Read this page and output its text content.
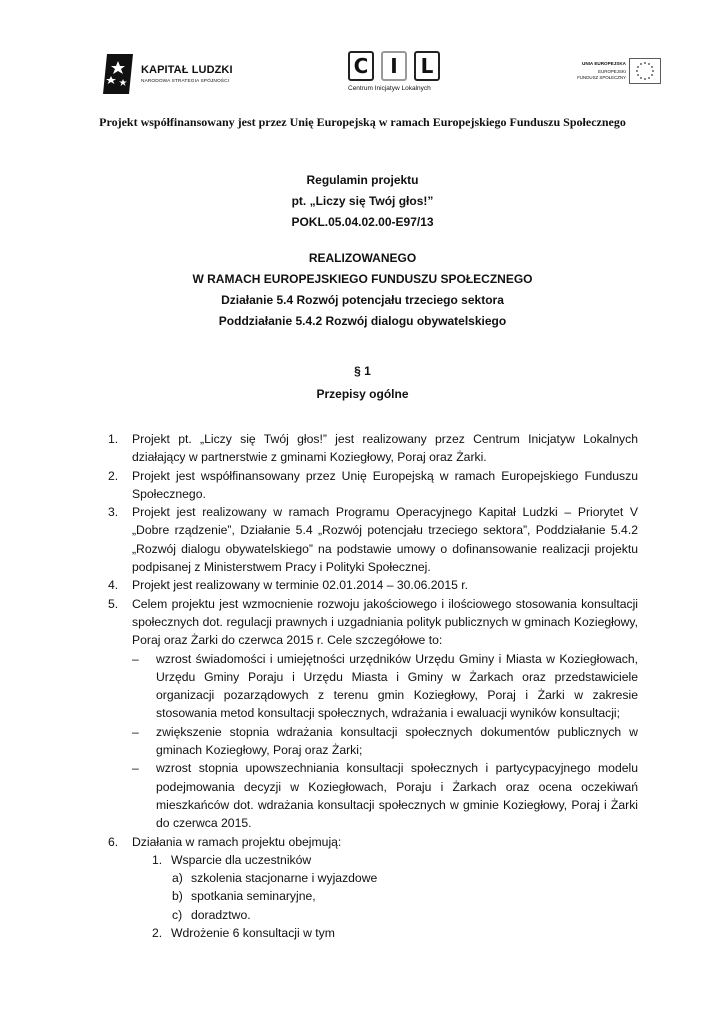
KAPITAŁ LUDZKI
NARODOWA STRATEGIA SPÓJNOŚCI
C	I	L
Centrum Inicjatyw Lokalnych
UNIA EUROPEJSKA
EUROPEJSKI
FUNDUSZ SPOŁECZNY
Projekt współfinansowany jest przez Unię Europejską w ramach Europejskiego Funduszu Społecznego
Regulamin projektu
pt. „Liczy się Twój głos!”
POKL.05.04.02.00-E97/13
REALIZOWANEGO
W RAMACH EUROPEJSKIEGO FUNDUSZU SPOŁECZNEGO
Działanie 5.4 Rozwój potencjału trzeciego sektora
Poddziałanie 5.4.2 Rozwój dialogu obywatelskiego
§ 1
Przepisy ogólne
1.	Projekt pt. „Liczy się Twój głos!” jest realizowany przez Centrum Inicjatyw Lokalnych działający w partnerstwie z gminami Koziegłowy, Poraj oraz Żarki.
2.	Projekt jest współfinansowany przez Unię Europejską w ramach Europejskiego Funduszu Społecznego.
3.	Projekt jest realizowany w ramach Programu Operacyjnego Kapitał Ludzki – Priorytet V „Dobre rządzenie”, Działanie 5.4 „Rozwój potencjału trzeciego sektora”, Poddziałanie 5.4.2 „Rozwój dialogu obywatelskiego” na podstawie umowy o dofinansowanie realizacji projektu podpisanej z Ministerstwem Pracy i Polityki Społecznej.
4.	Projekt jest realizowany w terminie 02.01.2014 – 30.06.2015 r.
5.	Celem projektu jest wzmocnienie rozwoju jakościowego i ilościowego stosowania konsultacji społecznych dot. regulacji prawnych i uzgadniania polityk publicznych w gminach Koziegłowy, Poraj oraz Żarki do czerwca 2015 r. Cele szczegółowe to:
–	wzrost świadomości i umiejętności urzędników Urzędu Gminy i Miasta w Koziegłowach, Urzędu Gminy Poraju i Urzędu Miasta i Gminy w Żarkach oraz przedstawiciele organizacji pozarządowych z terenu gmin Koziegłowy, Poraj i Żarki w zakresie stosowania metod konsultacji społecznych, wdrażania i ewaluacji wyników konsultacji;
–	zwiększenie stopnia wdrażania konsultacji społecznych dokumentów publicznych w gminach Koziegłowy, Poraj oraz Żarki;
–	wzrost stopnia upowszechniania konsultacji społecznych i partycypacyjnego modelu podejmowania decyzji w Koziegłowach, Poraju i Żarkach oraz ocena oczekiwań mieszkańców dot. wdrażania konsultacji społecznych w gminie Koziegłowy, Poraj i Żarki do czerwca 2015.
6.	Działania w ramach projektu obejmują:
1. Wsparcie dla uczestników
a) szkolenia stacjonarne i wyjazdowe
b) spotkania seminaryjne,
c) doradztwo.
2. Wdrożenie 6 konsultacji w tym
